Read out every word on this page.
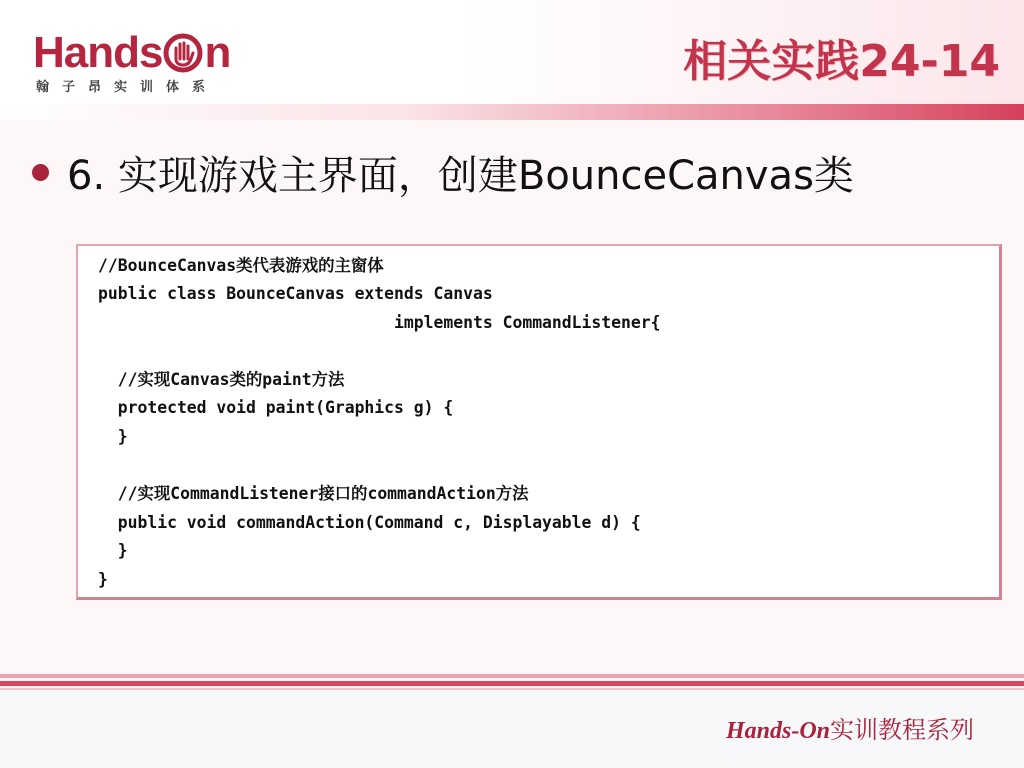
Hands n
翰子昂实训体系
相关实践24-14
6. 实现游戏主界面，创建BounceCanvas类
//BounceCanvas类代表游戏的主窗体
public class BounceCanvas extends Canvas
implements CommandListener{
//实现Canvas类的paint方法
protected void paint(Graphics g) {
}
//实现CommandListener接口的commandAction方法
public void commandAction(Command c, Displayable d) {
}
}
Hands-On实训教程系列
